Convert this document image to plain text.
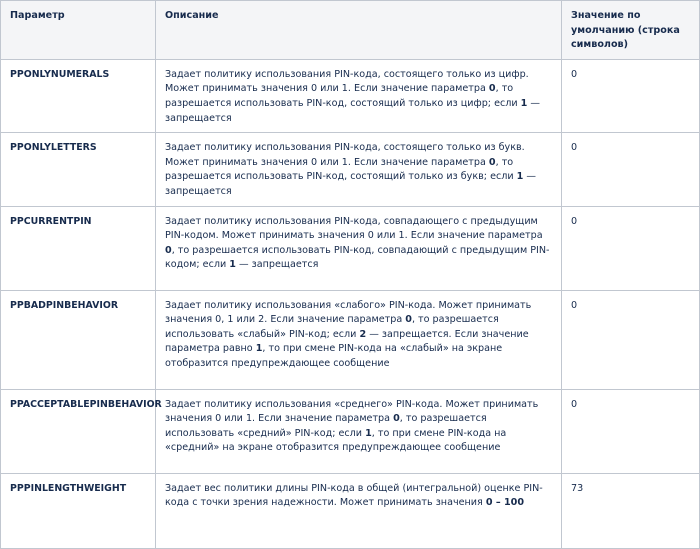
Параметр	Описание	Значение по умолчанию (строка символов)
PPONLYNUMERALS	Задает политику использования PIN-кода, состоящего только из цифр. Может принимать значения 0 или 1. Если значение параметра 0, то разрешается использовать PIN-код, состоящий только из цифр; если 1 — запрещается	0
PPONLYLETTERS	Задает политику использования PIN-кода, состоящего только из букв. Может принимать значения 0 или 1. Если значение параметра 0, то разрешается использовать PIN-код, состоящий только из букв; если 1 — запрещается	0
PPCURRENTPIN	Задает политику использования PIN-кода, совпадающего с предыдущим PIN-кодом. Может принимать значения 0 или 1. Если значение параметра 0, то разрешается использовать PIN-код, совпадающий с предыдущим PIN-кодом; если 1 — запрещается	0
PPBADPINBEHAVIOR	Задает политику использования «слабого» PIN-кода. Может принимать значения 0, 1 или 2. Если значение параметра 0, то разрешается использовать «слабый» PIN-код; если 2 — запрещается. Если значение параметра равно 1, то при смене PIN-кода на «слабый» на экране отобразится предупреждающее сообщение	0
PPACCEPTABLEPINBEHAVIOR	Задает политику использования «среднего» PIN-кода. Может принимать значения 0 или 1. Если значение параметра 0, то разрешается использовать «средний» PIN-код; если 1, то при смене PIN-кода на «средний» на экране отобразится предупреждающее сообщение	0
PPPINLENGTHWEIGHT	Задает вес политики длины PIN-кода в общей (интегральной) оценке PIN-кода с точки зрения надежности. Может принимать значения 0 – 100	73
